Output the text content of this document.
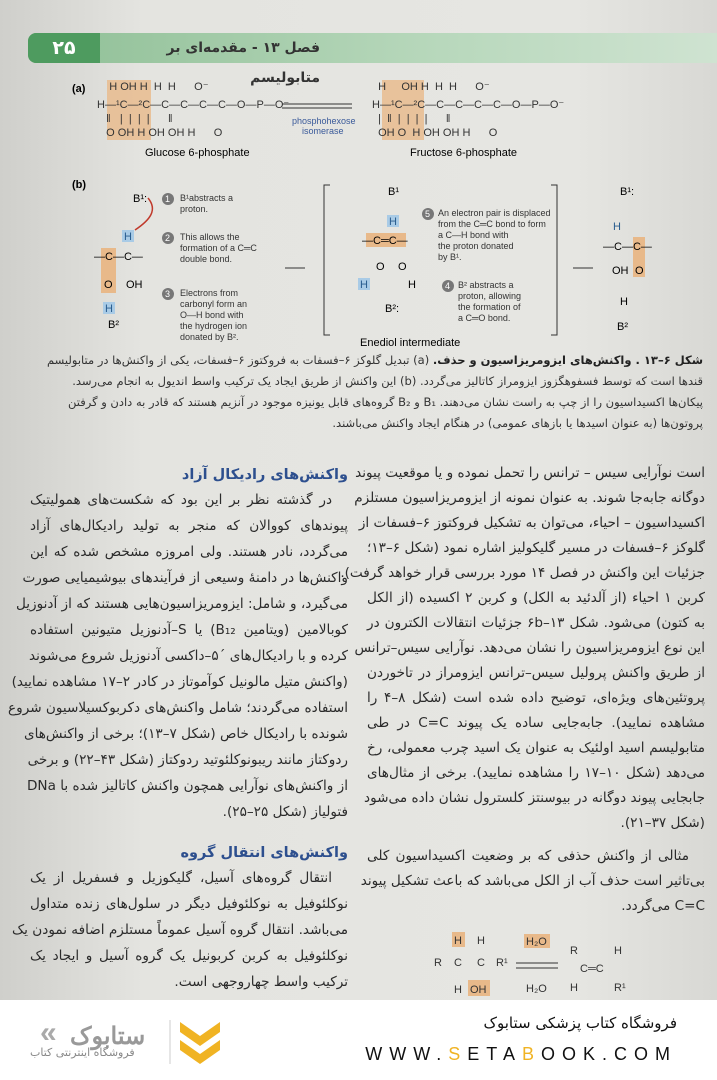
۲۵	فصل ۱۳ - مقدمه‌ای بر متابولیسم
(a) H OH H  H  H      O⁻
H—¹C—²C—C—C—C—C—O—P—O⁻
‖   |  |  |  |      ‖
O OH H OH OH H      O
Glucose 6-phosphate
phosphohexose
isomerase
H     OH H  H  H      O⁻
H—¹C—²C—C—C—C—C—O—P—O⁻
|  ‖  |  |  |  |      ‖
OH O  H OH OH H      O
Fructose 6-phosphate
(b)
B¹:
H
—C—C—
O OH
H
B²
1 B¹abstracts a
proton.
2 This allows the
formation of a C═C
double bond.
3 Electrons from
carbonyl form an
O—H bond with
the hydrogen ion
donated by B².
5 An electron pair is displaced
from the C═C bond to form
a C—H bond with
the proton donated
by B¹.
4 B² abstracts a
proton, allowing
the formation of
a C═O bond.
B¹
H
—C═C—
O O
H	H
B²:
Enediol intermediate
B¹:
H
—C—C—
OH O
H
B²
شکل ۶–۱۳ . واکنش‌های ایزومریزاسیون و حذف. (a) تبدیل گلوکز ۶–فسفات به فروکتوز ۶–فسفات، یکی از واکنش‌ها در متابولیسم قندها است که توسط فسفوهگزوز ایزومراز کاتالیز می‌گردد. (b) این واکنش از طریق ایجاد یک ترکیب واسط اندیول به انجام می‌رسد. پیکان‌ها اکسیداسیون را از چپ به راست نشان می‌دهند. B₁ و B₂ گروه‌های قابل یونیزه موجود در آنزیم هستند که قادر به دادن و گرفتن پروتون‌ها (به عنوان اسیدها یا بازهای عمومی) در هنگام ایجاد واکنش می‌باشند.
است نوآرایی سیس – ترانس را تحمل نموده و یا موقعیت پیوند
دوگانه جابه‌جا شوند. به عنوان نمونه از ایزومریزاسیون مستلزم
اکسیداسیون – احیاء، می‌توان به تشکیل فروکتوز ۶–فسفات از
گلوکز ۶–فسفات در مسیر گلیکولیز اشاره نمود (شکل ۶–۱۳؛
جزئیات این واکنش در فصل ۱۴ مورد بررسی قرار خواهد گرفت).
کربن ۱ احیاء (از آلدئید به الکل) و کربن ۲ اکسیده (از الکل
به کتون) می‌شود. شکل ۶b–۱۳ جزئیات انتقالات الکترون در
این نوع ایزومریزاسیون را نشان می‌دهد. نوآرایی سیس–ترانس
از طریق واکنش پرولیل سیس–ترانس ایزومراز در تاخوردن
پروتئین‌های ویژه‌ای، توضیح داده شده است (شکل ۸–۴ را
مشاهده نمایید). جابه‌جایی ساده یک پیوند C=C در طی
متابولیسم اسید اولئیک به عنوان یک اسید چرب معمولی، رخ
می‌دهد (شکل ۱۰–۱۷ را مشاهده نمایید). برخی از مثال‌های
جابجایی پیوند دوگانه در بیوسنتز کلسترول نشان داده می‌شود
(شکل ۳۷–۲۱).
مثالی از واکنش حذفی که بر وضعیت اکسیداسیون کلی
بی‌تاثیر است حذف آب از الکل می‌باشد که باعث تشکیل پیوند
C=C می‌گردد.
H H
R C C R¹
H OH
H₂O
H₂O
R
C═C
H
H
R¹
واکنش‌های رادیکال آزاد
در گذشته نظر بر این بود که شکست‌های همولیتیک
پیوندهای کووالان که منجر به تولید رادیکال‌های آزاد
می‌گردد، نادر هستند. ولی امروزه مشخص شده که این
واکنش‌ها در دامنهٔ وسیعی از فرآیندهای بیوشیمیایی صورت
می‌گیرد، و شامل: ایزومریزاسیون‌هایی هستند که از آدنوزیل
کوبالامین (ویتامین B₁₂) یا S–آدنوزیل متیونین استفاده
کرده و با رادیکال‌های ´۵–داکسی آدنوزیل شروع می‌شوند
(واکنش متیل مالونیل کوآموتاز در کادر ۲–۱۷ مشاهده نمایید)
استفاده می‌گردند؛ شامل واکنش‌های دکربوکسیلاسیون شروع
شونده با رادیکال خاص (شکل ۷–۱۳)؛ برخی از واکنش‌های
ردوکتاز مانند ریبونوکلئوتید ردوکتاز (شکل ۴۳–۲۲) و برخی
از واکنش‌های نوآرایی همچون واکنش کاتالیز شده با DNa
فتولیاز (شکل ۲۵–۲۵).
واکنش‌های انتقال گروه
انتقال گروه‌های آسیل، گلیکوزیل و فسفریل از یک
نوکلئوفیل به نوکلئوفیل دیگر در سلول‌های زنده متداول
می‌باشد. انتقال گروه آسیل عموماً مستلزم اضافه نمودن یک
نوکلئوفیل به کربن کربونیل یک گروه آسیل و ایجاد یک
ترکیب واسط چهاروجهی است.
« ستابوک
فروشگاه اینترنتی کتاب
فروشگاه کتاب پزشکی ستابوک
WWW.SETABOOK.COM
